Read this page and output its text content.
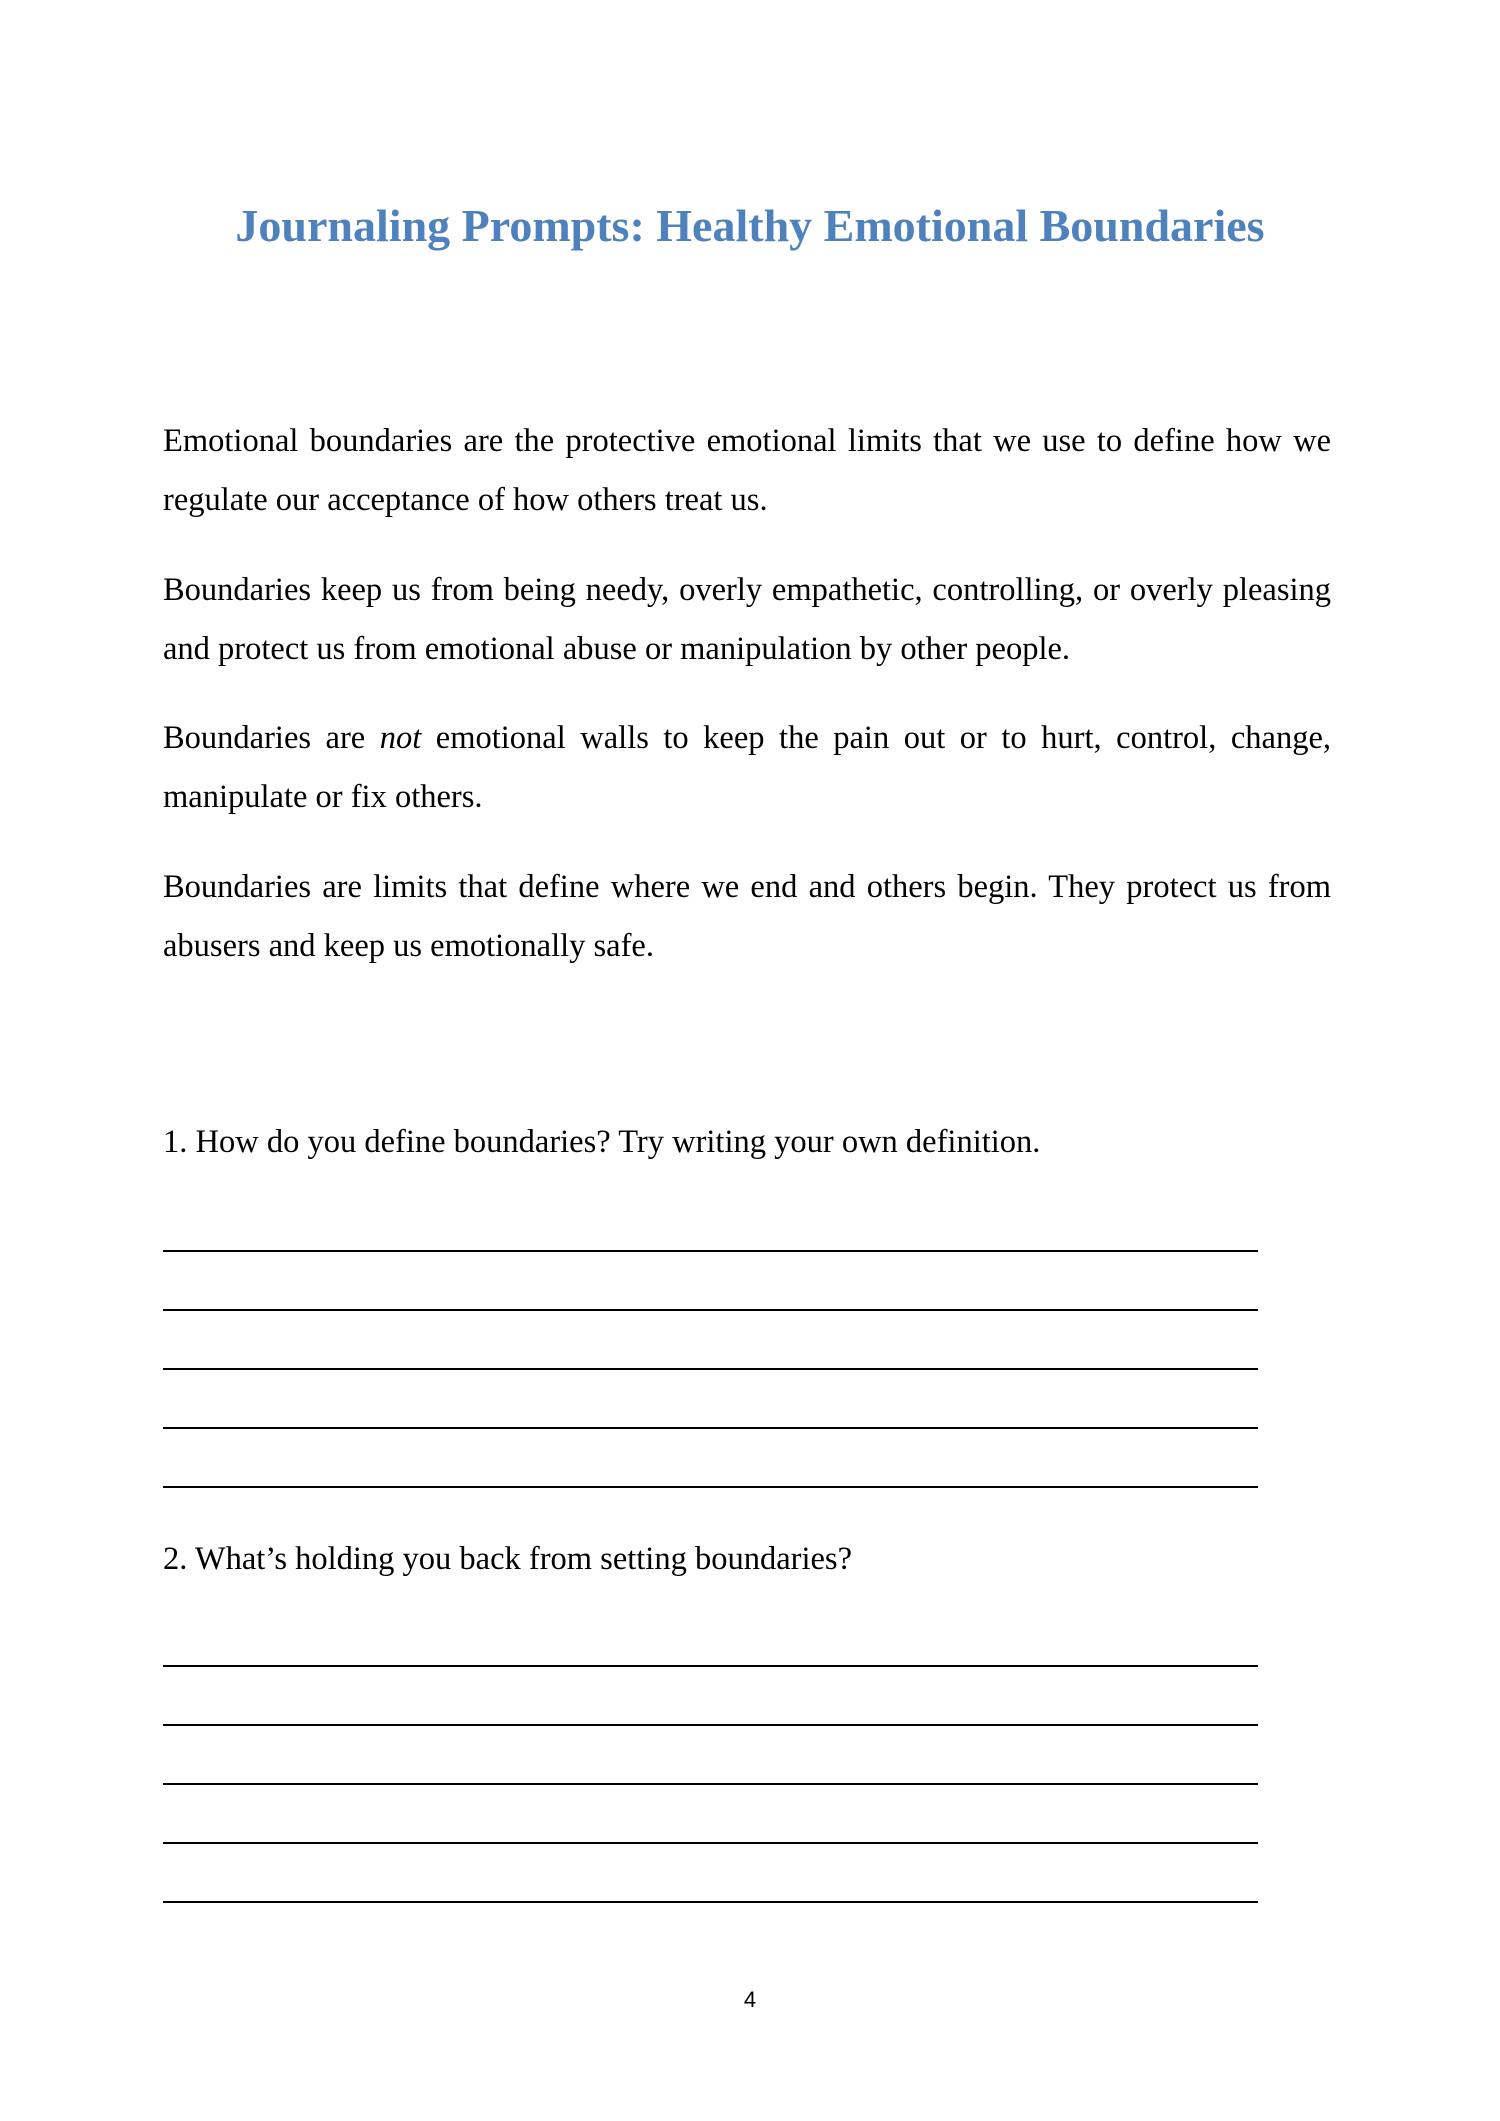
Journaling Prompts: Healthy Emotional Boundaries

Emotional boundaries are the protective emotional limits that we use to define how we regulate our acceptance of how others treat us.

Boundaries keep us from being needy, overly empathetic, controlling, or overly pleasing and protect us from emotional abuse or manipulation by other people.

Boundaries are not emotional walls to keep the pain out or to hurt, control, change, manipulate or fix others.

Boundaries are limits that define where we end and others begin. They protect us from abusers and keep us emotionally safe.

1. How do you define boundaries? Try writing your own definition.

2. What’s holding you back from setting boundaries?

4
